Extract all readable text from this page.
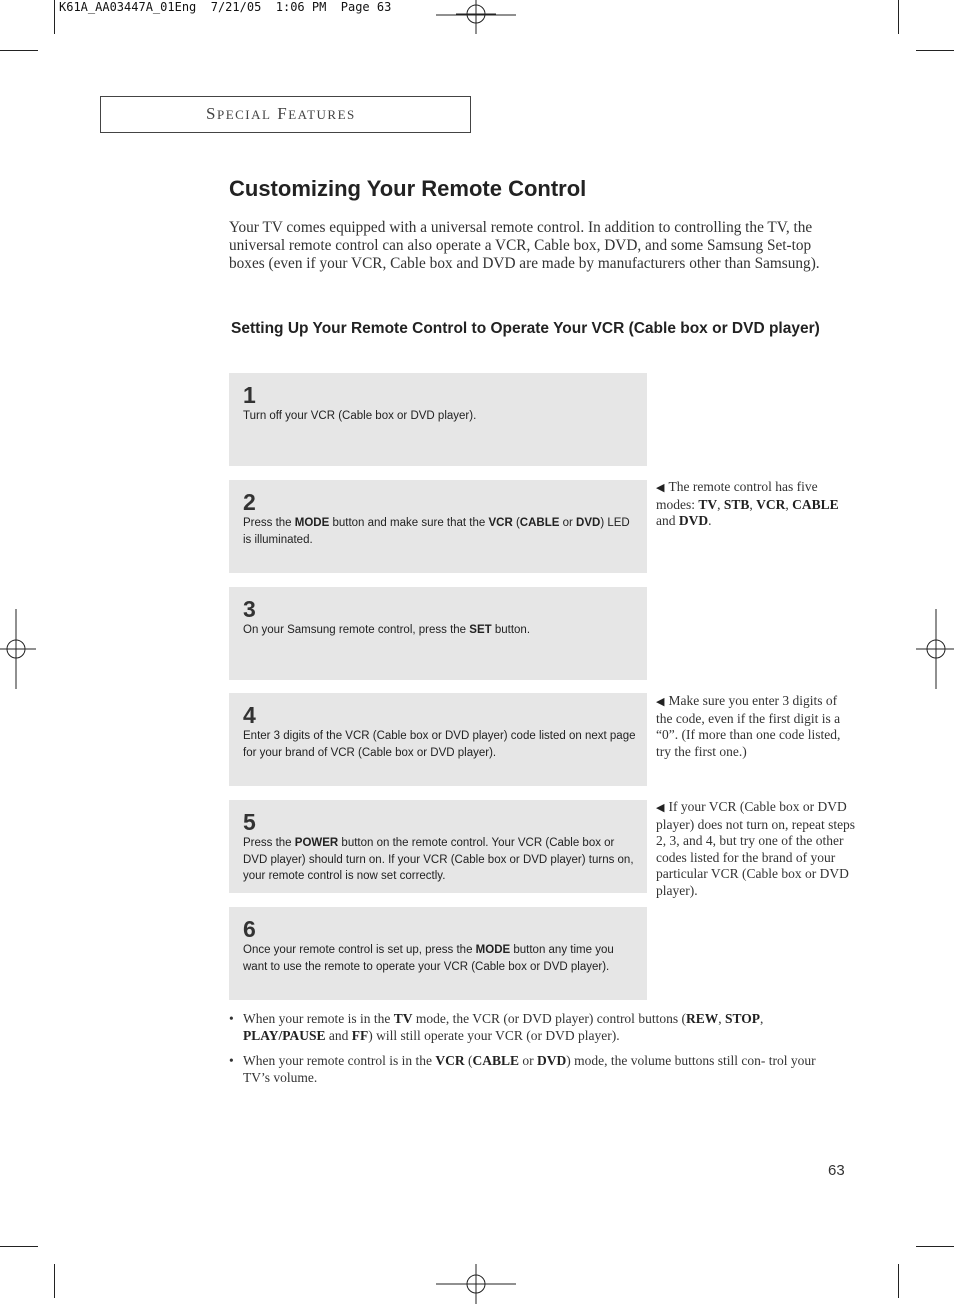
K61A_AA03447A_01Eng  7/21/05  1:06 PM  Page 63
SPECIAL FEATURES
Customizing Your Remote Control
Your TV comes equipped with a universal remote control. In addition to controlling the TV, the universal remote control can also operate a VCR, Cable box, DVD, and some Samsung Set-top boxes (even if your VCR, Cable box and DVD are made by manufacturers other than Samsung).
Setting Up Your Remote Control to Operate Your VCR (Cable box or DVD player)
1
Turn off your VCR (Cable box or DVD player).
2
Press the MODE button and make sure that the VCR (CABLE or DVD) LED is illuminated.
3
On your Samsung remote control, press the SET button.
4
Enter 3 digits of the VCR (Cable box or DVD player) code listed on next page for your brand of VCR (Cable box or DVD player).
5
Press the POWER button on the remote control. Your VCR (Cable box or DVD player) should turn on. If your VCR (Cable box or DVD player) turns on, your remote control is now set correctly.
6
Once your remote control is set up, press the MODE button any time you want to use the remote to operate your VCR (Cable box or DVD player).
◀ The remote control has five modes: TV, STB, VCR, CABLE and DVD.
◀ Make sure you enter 3 digits of the code, even if the first digit is a “0”. (If more than one code listed, try the first one.)
◀ If your VCR (Cable box or DVD player) does not turn on, repeat steps 2, 3, and 4, but try one of the other codes listed for the brand of your particular VCR (Cable box or DVD player).
• When your remote is in the TV mode, the VCR (or DVD player) control buttons (REW, STOP, PLAY/PAUSE and FF) will still operate your VCR (or DVD player).
• When your remote control is in the VCR (CABLE or DVD) mode, the volume buttons still con- trol your TV’s volume.
63
